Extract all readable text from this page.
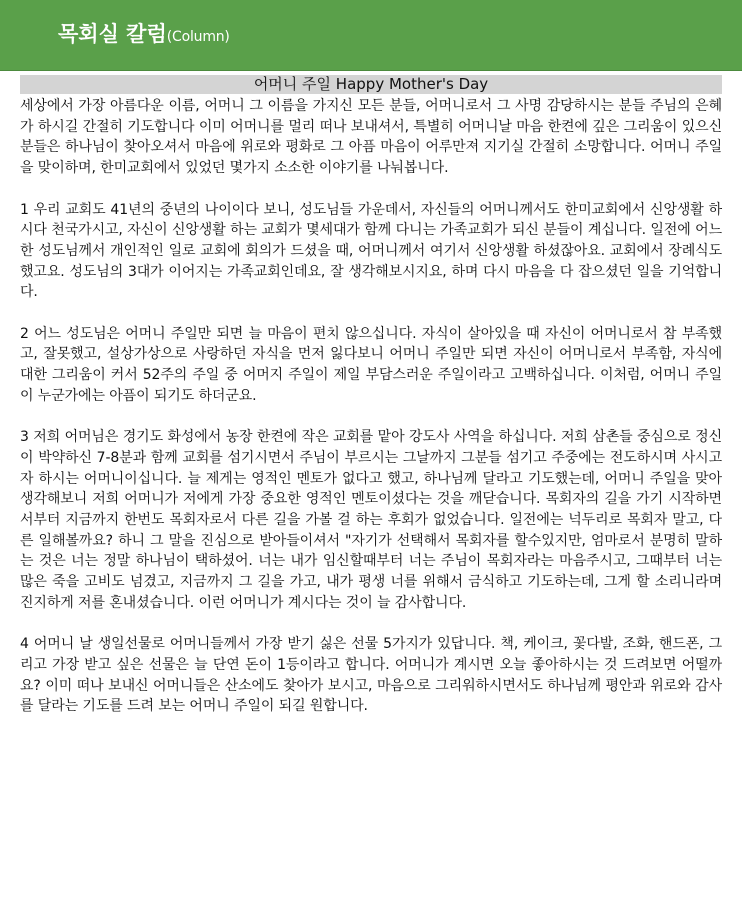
목회실 칼럼(Column)
어머니 주일 Happy Mother's Day

세상에서 가장 아름다운 이름, 어머니 그 이름을 가지신 모든 분들, 어머니로서 그 사명 감당하시는 분들 주님의 은혜가 하시길 간절히 기도합니다 이미 어머니를 멀리 떠나 보내셔서, 특별히 어머니날 마음 한켠에 깊은 그리움이 있으신 분들은 하나님이 찾아오셔서 마음에 위로와 평화로 그 아픔 마음이 어루만져 지기실 간절히 소망합니다. 어머니 주일을 맞이하며, 한미교회에서 있었던 몇가지 소소한 이야기를 나눠봅니다.

1 우리 교회도 41년의 중년의 나이이다 보니, 성도님들 가운데서, 자신들의 어머니께서도 한미교회에서 신앙생활 하시다 천국가시고, 자신이 신앙생활 하는 교회가 몇세대가 함께 다니는 가족교회가 되신 분들이 계십니다. 일전에 어느 한 성도님께서 개인적인 일로 교회에 회의가 드셨을 때, 어머니께서 여기서 신앙생활 하셨잖아요. 교회에서 장례식도 했고요. 성도님의 3대가 이어지는 가족교회인데요, 잘 생각해보시지요, 하며 다시 마음을 다 잡으셨던 일을 기억합니다.

2 어느 성도님은 어머니 주일만 되면 늘 마음이 편치 않으십니다. 자식이 살아있을 때 자신이 어머니로서 참 부족했고, 잘못했고, 설상가상으로 사랑하던 자식을 먼저 잃다보니 어머니 주일만 되면 자신이 어머니로서 부족함, 자식에 대한 그리움이 커서 52주의 주일 중 어머지 주일이 제일 부담스러운 주일이라고 고백하십니다. 이처럼, 어머니 주일이 누군가에는 아픔이 되기도 하더군요.

3 저희 어머님은 경기도 화성에서 농장 한켠에 작은 교회를 맡아 강도사 사역을 하십니다. 저희 삼촌들 중심으로 정신이 박약하신 7-8분과 함께 교회를 섬기시면서 주님이 부르시는 그날까지 그분들 섬기고 주중에는 전도하시며 사시고자 하시는 어머니이십니다. 늘 제게는 영적인 멘토가 없다고 했고, 하나님께 달라고 기도했는데, 어머니 주일을 맞아 생각해보니 저희 어머니가 저에게 가장 중요한 영적인 멘토이셨다는 것을 깨닫습니다. 목회자의 길을 가기 시작하면서부터 지금까지 한번도 목회자로서 다른 길을 가볼 걸 하는 후회가 없었습니다. 일전에는 넉두리로 목회자 말고, 다른 일해볼까요? 하니 그 말을 진심으로 받아들이셔서 "자기가 선택해서 목회자를 할수있지만, 엄마로서 분명히 말하는 것은 너는 정말 하나님이 택하셨어. 너는 내가 임신할때부터 너는 주님이 목회자라는 마음주시고, 그때부터 너는 많은 죽을 고비도 넘겼고, 지금까지 그 길을 가고, 내가 평생 너를 위해서 금식하고 기도하는데, 그게 할 소리니라며 진지하게 저를 혼내셨습니다. 이런 어머니가 계시다는 것이 늘 감사합니다.

4 어머니 날 생일선물로 어머니들께서 가장 받기 싫은 선물 5가지가 있답니다. 책, 케이크, 꽃다발, 조화, 핸드폰, 그리고 가장 받고 싶은 선물은 늘 단연 돈이 1등이라고 합니다. 어머니가 계시면 오늘 좋아하시는 것 드려보면 어떨까요? 이미 떠나 보내신 어머니들은 산소에도 찾아가 보시고, 마음으로 그리워하시면서도 하나님께 평안과 위로와 감사를 달라는 기도를 드려 보는 어머니 주일이 되길 원합니다.
